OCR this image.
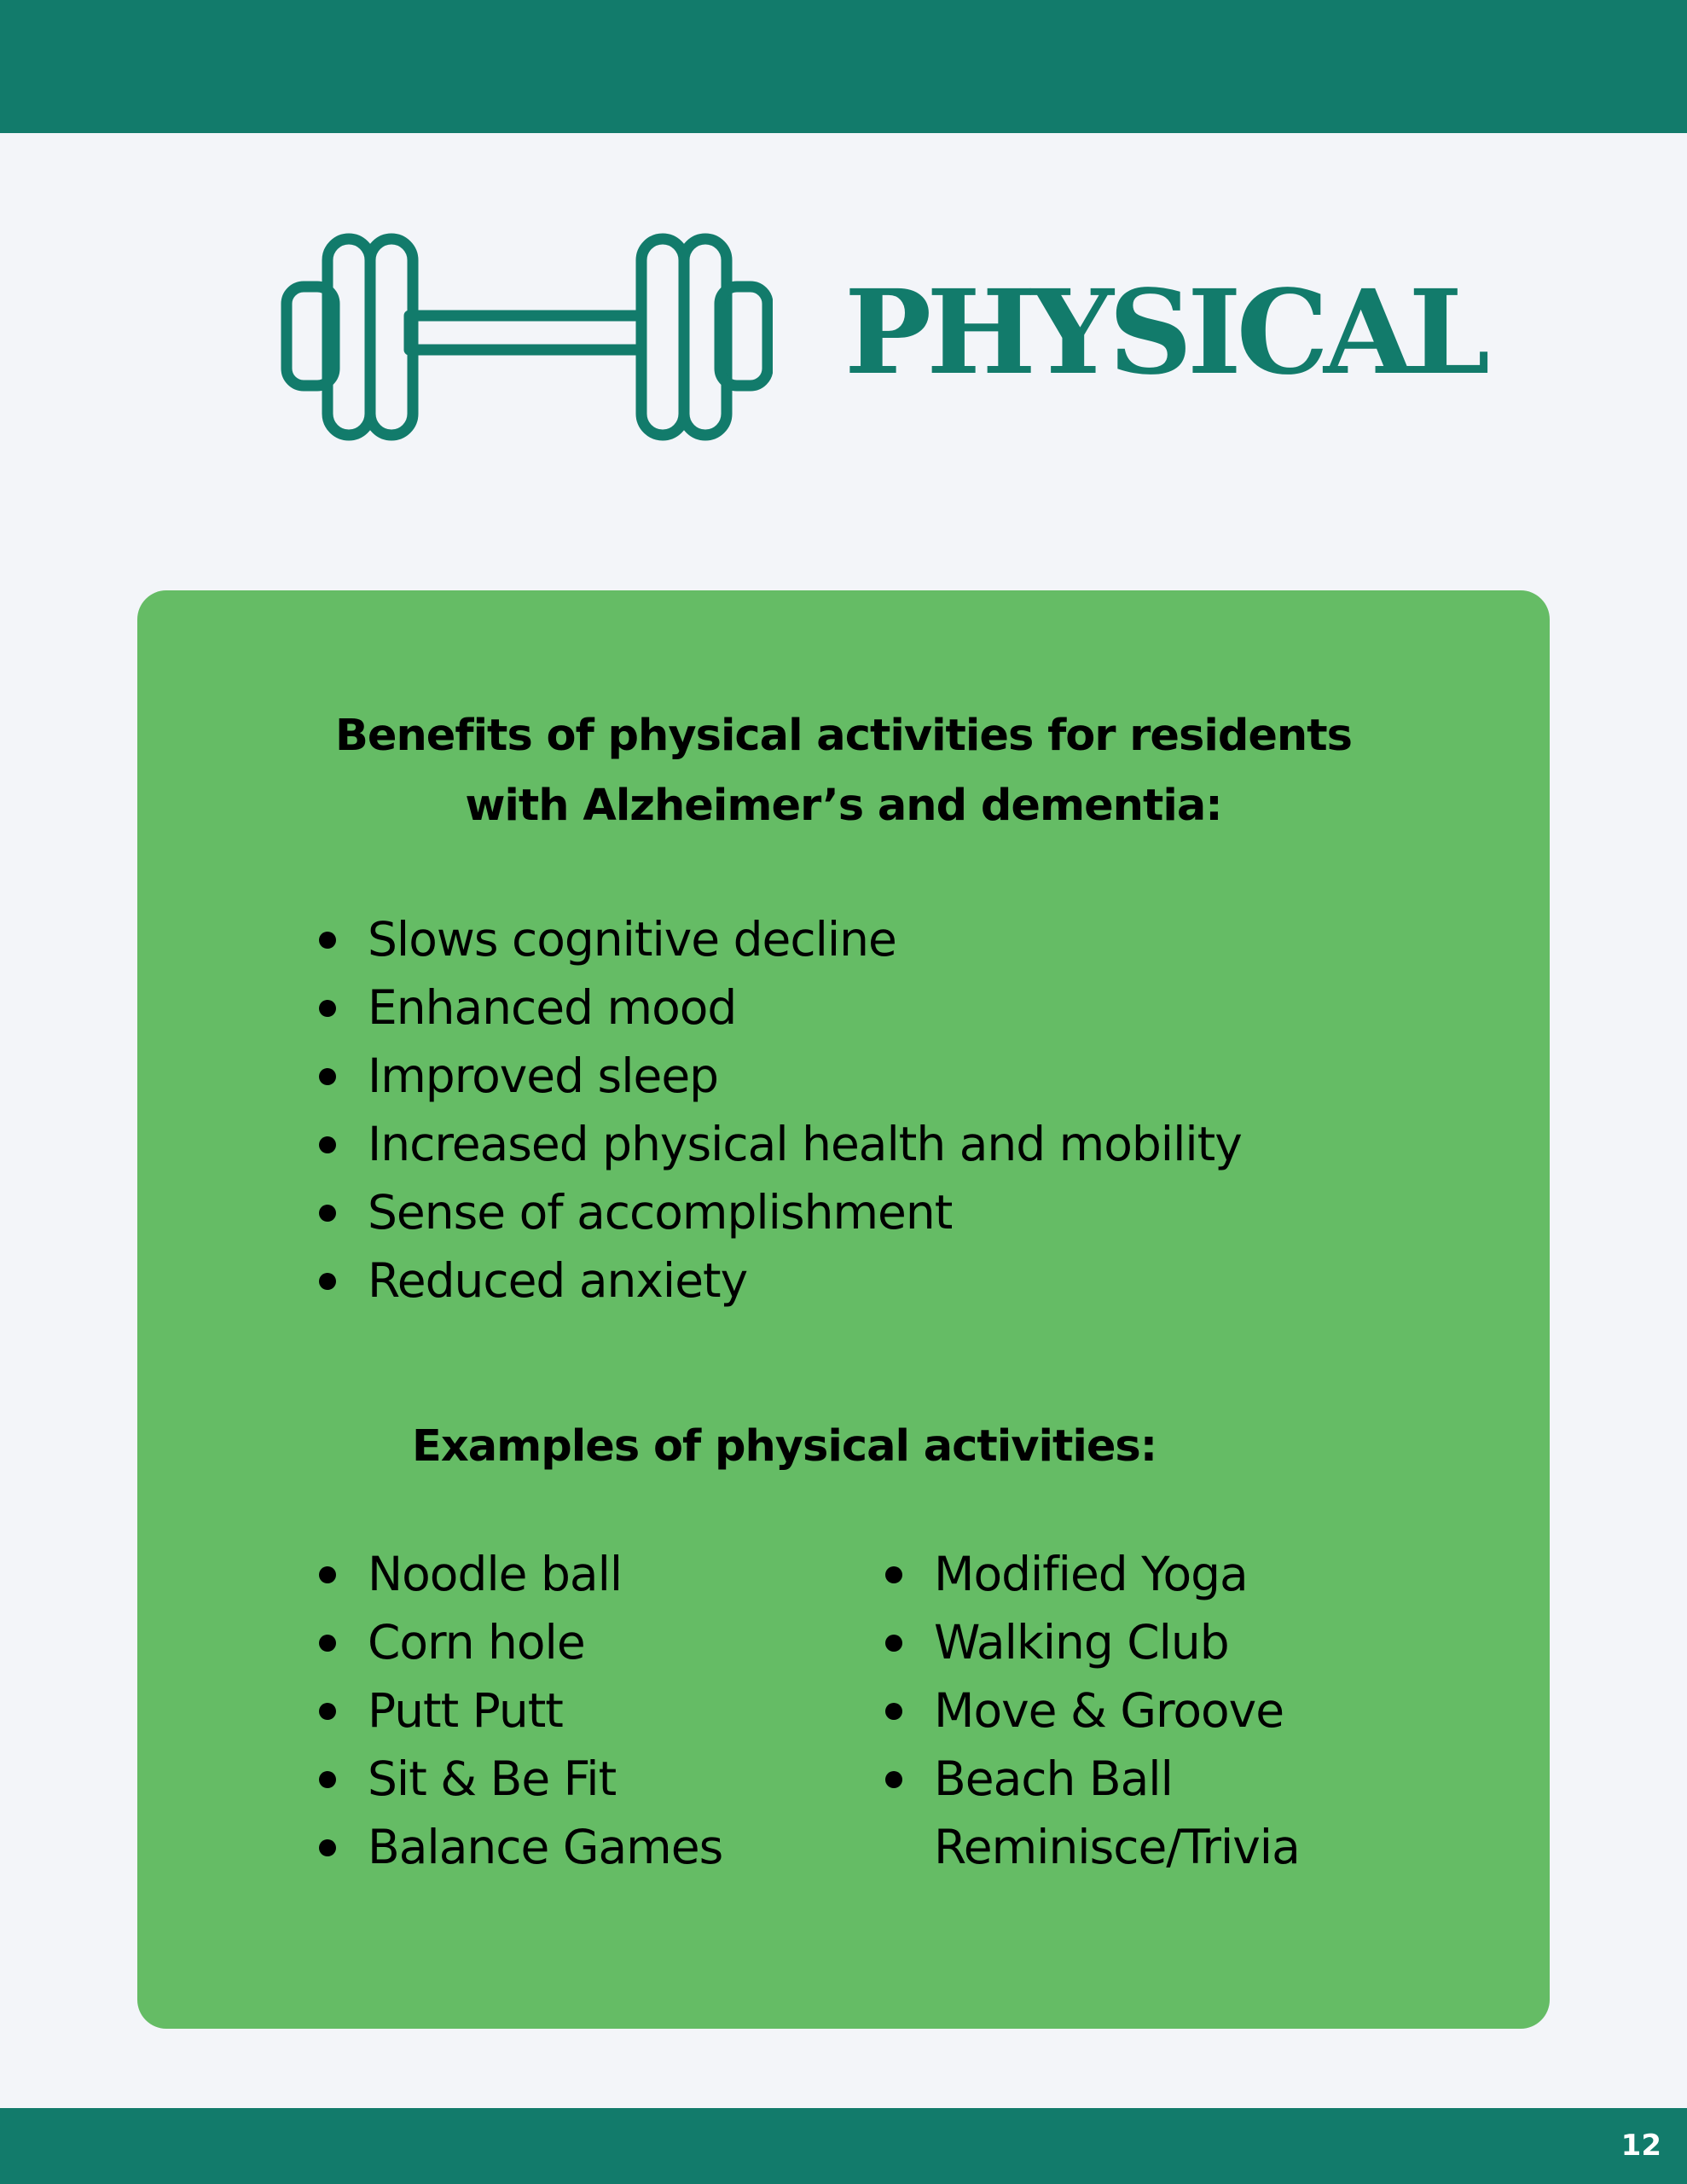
PHYSICAL
Benefits of physical activities for residents
with Alzheimer’s and dementia:
Slows cognitive decline
Enhanced mood
Improved sleep
Increased physical health and mobility
Sense of accomplishment
Reduced anxiety
Examples of physical activities:
Noodle ball
Corn hole
Putt Putt
Sit & Be Fit
Balance Games
Modified Yoga
Walking Club
Move & Groove
Beach Ball
Reminisce/Trivia
12
